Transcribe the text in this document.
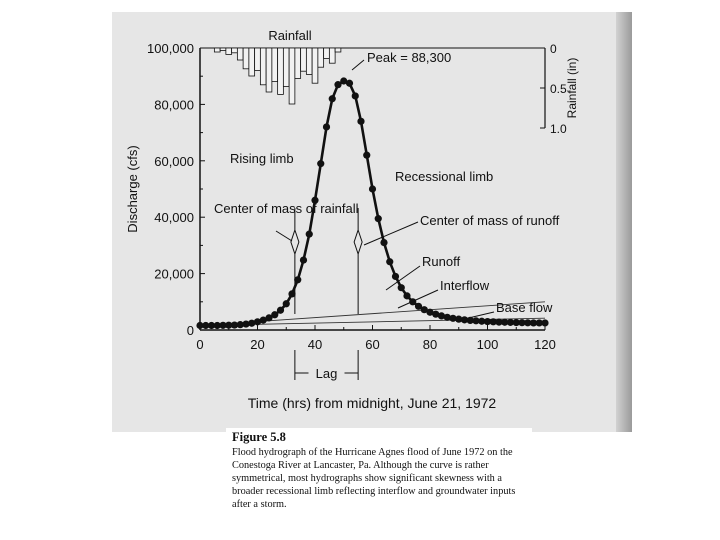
0	20	40	60	80	100	120
0
20,000
40,000
60,000
80,000
100,000	0
0.5
1.0
Rainfall
Peak = 88,300
Rising limb
Recessional limb
Center of mass of rainfall
Center of mass of runoff
Runoff
Interflow
Base flow
Lag
Time (hrs) from midnight, June 21, 1972
Discharge (cfs)
Rainfall (in)
Figure 5.8
Flood hydrograph of the Hurricane Agnes flood of June 1972 on the Conestoga River at Lancaster, Pa. Although the curve is rather symmetrical, most hydrographs show significant skewness with a broader recessional limb reflecting interflow and groundwater inputs after a storm.
